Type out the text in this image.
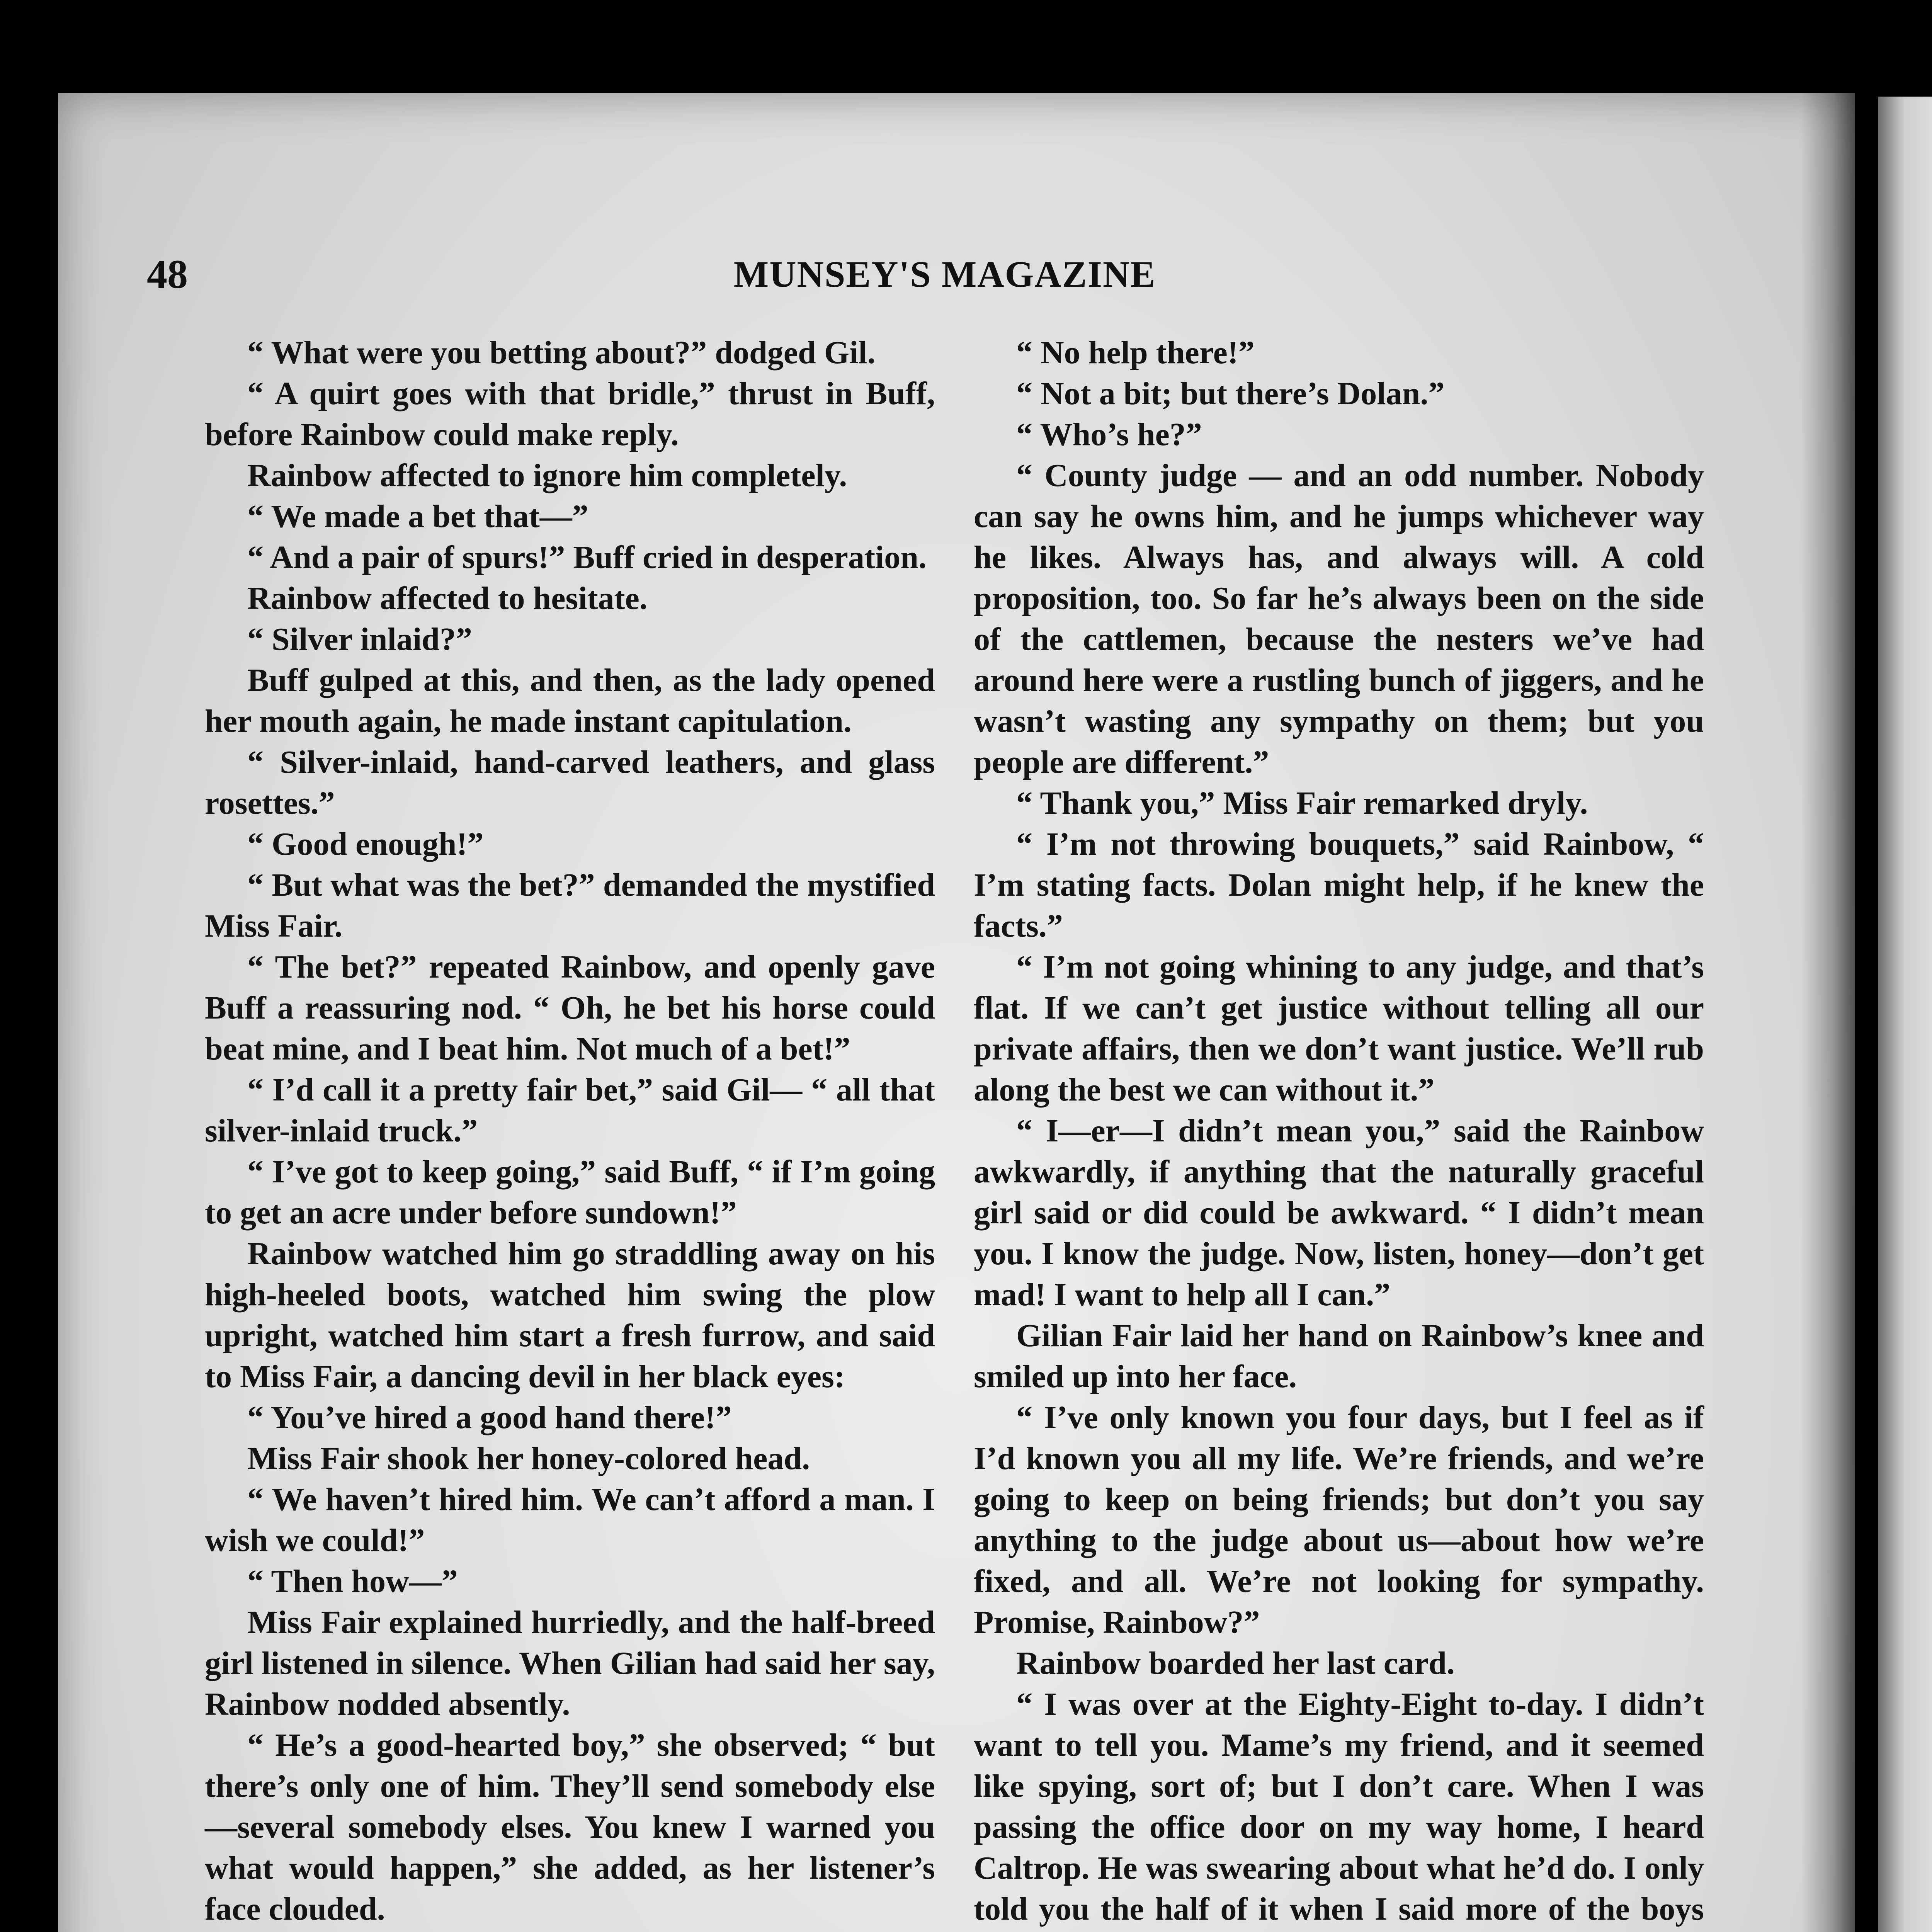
48	MUNSEY'S MAGAZINE

“ What were you betting about?” dodged Gil.

“ A quirt goes with that bridle,” thrust in Buff, before Rainbow could make reply.

Rainbow affected to ignore him completely.

“ We made a bet that—”

“ And a pair of spurs!” Buff cried in desperation.

Rainbow affected to hesitate.

“ Silver inlaid?”

Buff gulped at this, and then, as the lady opened her mouth again, he made instant capitulation.

“ Silver-inlaid, hand-carved leathers, and glass rosettes.”

“ Good enough!”

“ But what was the bet?” demanded the mystified Miss Fair.

“ The bet?” repeated Rainbow, and openly gave Buff a reassuring nod. “ Oh, he bet his horse could beat mine, and I beat him. Not much of a bet!”

“ I’d call it a pretty fair bet,” said Gil— “ all that silver-inlaid truck.”

“ I’ve got to keep going,” said Buff, “ if I’m going to get an acre under before sundown!”

Rainbow watched him go straddling away on his high-heeled boots, watched him swing the plow upright, watched him start a fresh furrow, and said to Miss Fair, a dancing devil in her black eyes:

“ You’ve hired a good hand there!”

Miss Fair shook her honey-colored head.

“ We haven’t hired him. We can’t afford a man. I wish we could!”

“ Then how—”

Miss Fair explained hurriedly, and the half-breed girl listened in silence. When Gilian had said her say, Rainbow nodded absently.

“ He’s a good-hearted boy,” she observed; “ but there’s only one of him. They’ll send somebody else—several somebody elses. You knew I warned you what would happen,” she added, as her listener’s face clouded.

“ No help there!”

“ Not a bit; but there’s Dolan.”

“ Who’s he?”

“ County judge — and an odd number. Nobody can say he owns him, and he jumps whichever way he likes. Always has, and always will. A cold proposition, too. So far he’s always been on the side of the cattlemen, because the nesters we’ve had around here were a rustling bunch of jiggers, and he wasn’t wasting any sympathy on them; but you people are different.”

“ Thank you,” Miss Fair remarked dryly.

“ I’m not throwing bouquets,” said Rainbow, “ I’m stating facts. Dolan might help, if he knew the facts.”

“ I’m not going whining to any judge, and that’s flat. If we can’t get justice without telling all our private affairs, then we don’t want justice. We’ll rub along the best we can without it.”

“ I—er—I didn’t mean you,” said the Rainbow awkwardly, if anything that the naturally graceful girl said or did could be awkward. “ I didn’t mean you. I know the judge. Now, listen, honey—don’t get mad! I want to help all I can.”

Gilian Fair laid her hand on Rainbow’s knee and smiled up into her face.

“ I’ve only known you four days, but I feel as if I’d known you all my life. We’re friends, and we’re going to keep on being friends; but don’t you say anything to the judge about us—about how we’re fixed, and all. We’re not looking for sympathy. Promise, Rainbow?”

Rainbow boarded her last card.

“ I was over at the Eighty-Eight to-day. I didn’t want to tell you. Mame’s my friend, and it seemed like spying, sort of; but I don’t care. When I was passing the office door on my way home, I heard Caltrop. He was swearing about what he’d do. I only told you the half of it when I said more of the boys
